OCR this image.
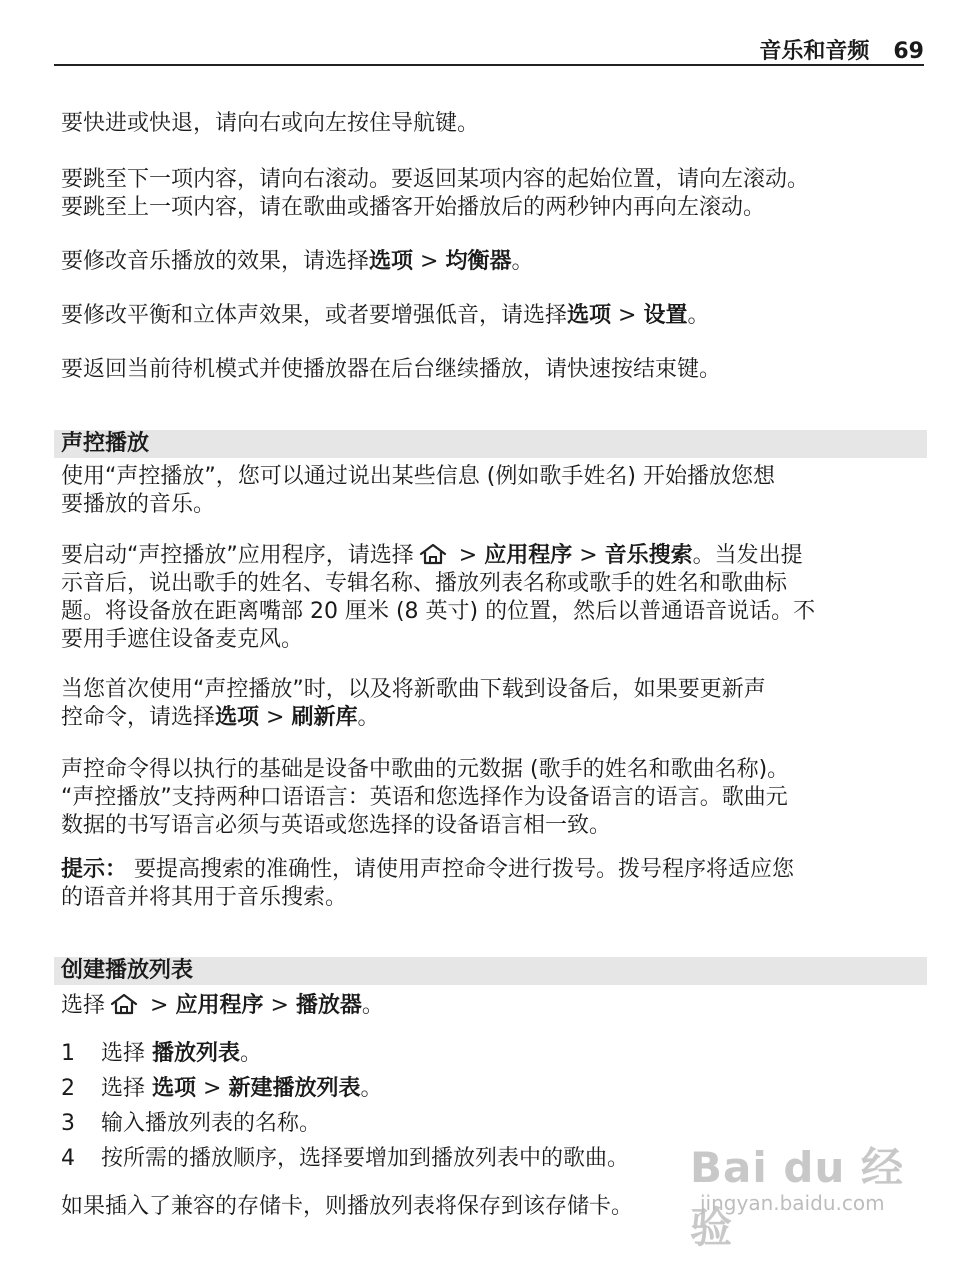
音乐和音频 69

要快进或快退，请向右或向左按住导航键。

要跳至下一项内容，请向右滚动。要返回某项内容的起始位置，请向左滚动。

要跳至上一项内容，请在歌曲或播客开始播放后的两秒钟内再向左滚动。

要修改音乐播放的效果，请选择选项 > 均衡器。

要修改平衡和立体声效果，或者要增强低音，请选择选项 > 设置。

要返回当前待机模式并使播放器在后台继续播放，请快速按结束键。

声控播放

使用“声控播放”，您可以通过说出某些信息 (例如歌手姓名) 开始播放您想

要播放的音乐。

要启动“声控播放”应用程序，请选择 > 应用程序 > 音乐搜索。当发出提

示音后，说出歌手的姓名、专辑名称、播放列表名称或歌手的姓名和歌曲标

题。将设备放在距离嘴部 20 厘米 (8 英寸) 的位置，然后以普通语音说话。不

要用手遮住设备麦克风。

当您首次使用“声控播放”时，以及将新歌曲下载到设备后，如果要更新声

控命令，请选择选项 > 刷新库。

声控命令得以执行的基础是设备中歌曲的元数据 (歌手的姓名和歌曲名称)。

“声控播放”支持两种口语语言：英语和您选择作为设备语言的语言。歌曲元

数据的书写语言必须与英语或您选择的设备语言相一致。

提示： 要提高搜索的准确性，请使用声控命令进行拨号。拨号程序将适应您

的语音并将其用于音乐搜索。

创建播放列表

选择 > 应用程序 > 播放器。

1 选择 播放列表。

2 选择 选项 > 新建播放列表。

3 输入播放列表的名称。

4 按所需的播放顺序，选择要增加到播放列表中的歌曲。

如果插入了兼容的存储卡，则播放列表将保存到该存储卡。

Bai du 经验
jingyan.baidu.com
